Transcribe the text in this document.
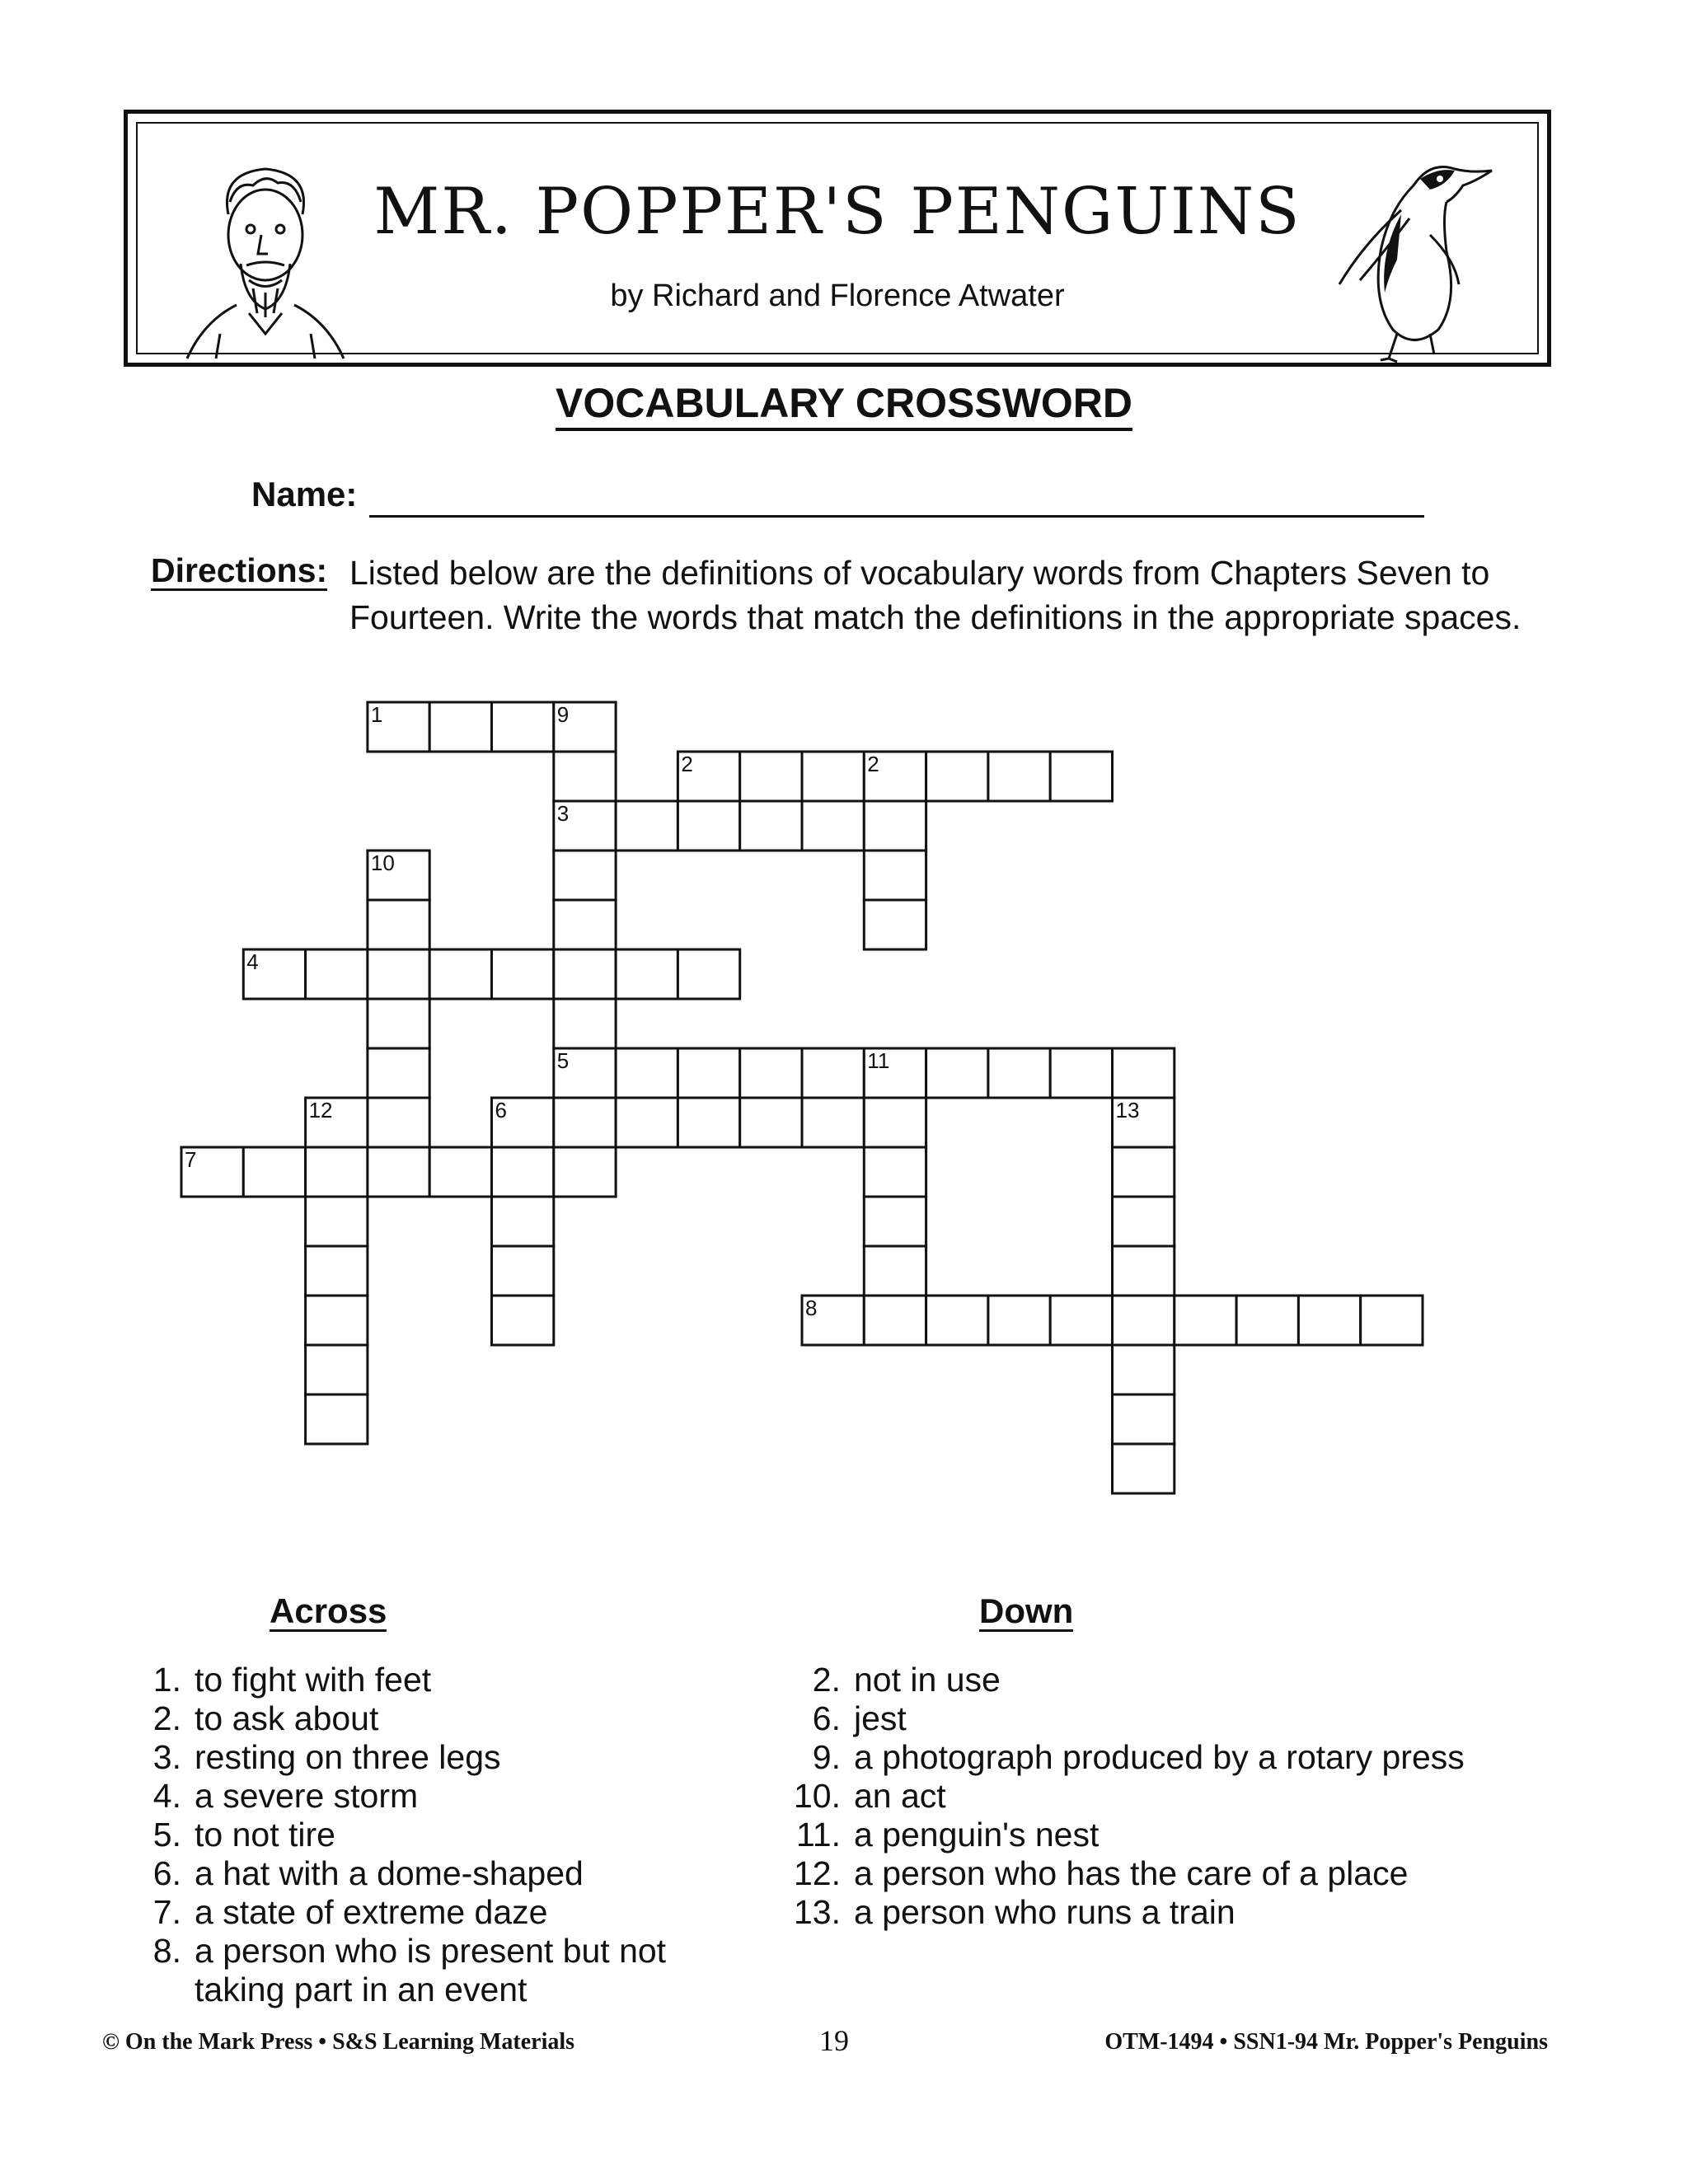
MR. POPPER'S PENGUINS
by Richard and Florence Atwater
VOCABULARY CROSSWORD
Name:
Directions: Listed below are the definitions of vocabulary words from Chapters Seven to Fourteen. Write the words that match the definitions in the appropriate spaces.
1
2
3
4
5
6
7
8
9
2
10
11
12	13
Across	Down
1. to fight with feet
2. to ask about
3. resting on three legs
4. a severe storm
5. to not tire
6. a hat with a dome-shaped
7. a state of extreme daze
8. a person who is present but not taking part in an event
2. not in use
6. jest
9. a photograph produced by a rotary press
10. an act
11. a penguin's nest
12. a person who has the care of a place
13. a person who runs a train
© On the Mark Press • S&S Learning Materials	19	OTM-1494 • SSN1-94 Mr. Popper's Penguins
